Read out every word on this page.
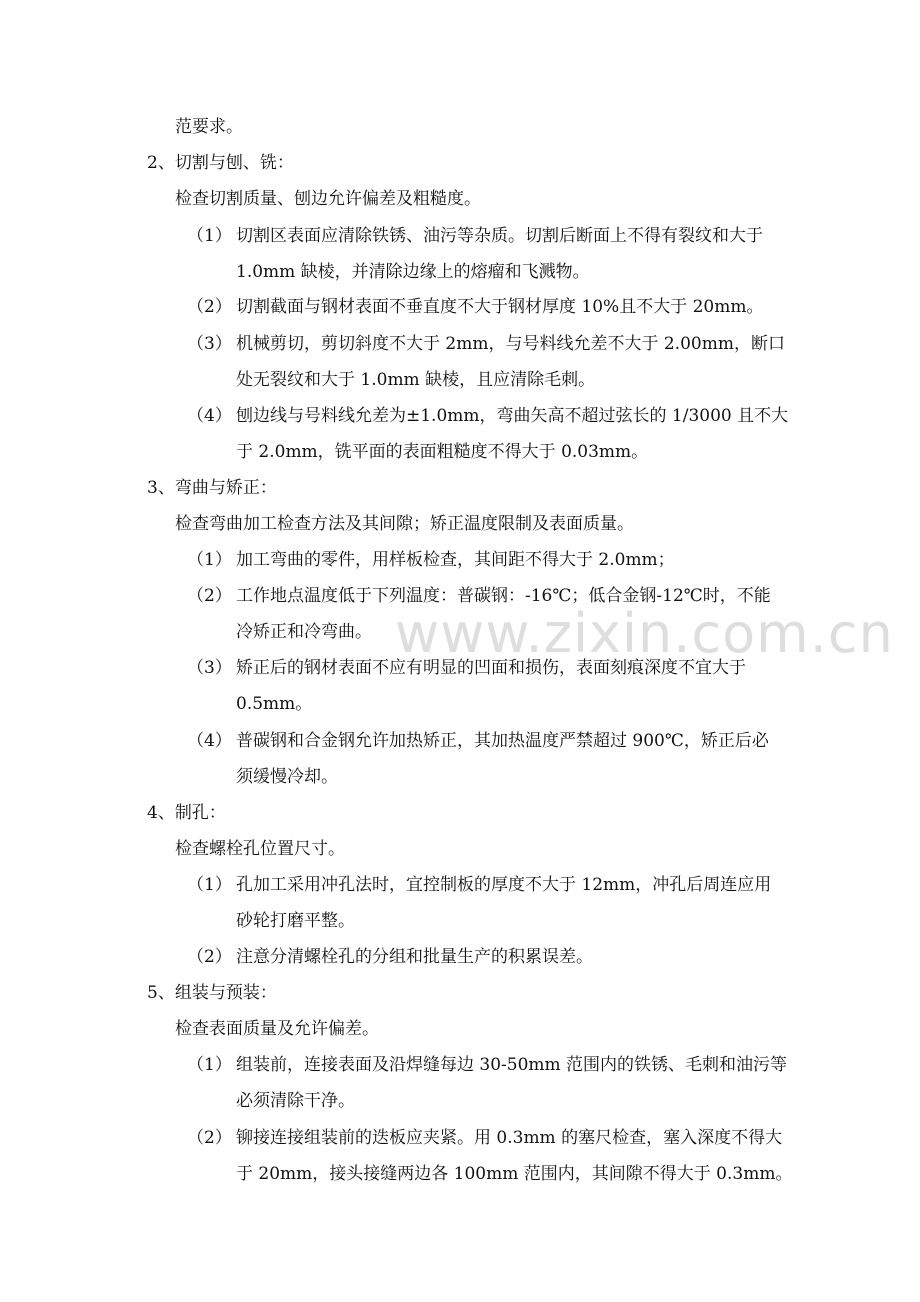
范要求。
2、切割与刨、铣：
检查切割质量、刨边允许偏差及粗糙度。
（1） 切割区表面应清除铁锈、油污等杂质。切割后断面上不得有裂纹和大于
1.0mm 缺棱，并清除边缘上的熔瘤和飞溅物。
（2） 切割截面与钢材表面不垂直度不大于钢材厚度 10%且不大于 20mm。
（3） 机械剪切，剪切斜度不大于 2mm，与号料线允差不大于 2.00mm，断口
处无裂纹和大于 1.0mm 缺棱，且应清除毛刺。
（4） 刨边线与号料线允差为±1.0mm，弯曲矢高不超过弦长的 1/3000 且不大
于 2.0mm，铣平面的表面粗糙度不得大于 0.03mm。
3、弯曲与矫正：
检查弯曲加工检查方法及其间隙；矫正温度限制及表面质量。
（1） 加工弯曲的零件，用样板检查，其间距不得大于 2.0mm；
（2） 工作地点温度低于下列温度：普碳钢：-16℃；低合金钢-12℃时，不能
冷矫正和冷弯曲。
（3） 矫正后的钢材表面不应有明显的凹面和损伤，表面刻痕深度不宜大于
0.5mm。
（4） 普碳钢和合金钢允许加热矫正，其加热温度严禁超过 900℃，矫正后必
须缓慢冷却。
4、制孔：
检查螺栓孔位置尺寸。
（1） 孔加工采用冲孔法时，宜控制板的厚度不大于 12mm，冲孔后周连应用
砂轮打磨平整。
（2） 注意分清螺栓孔的分组和批量生产的积累误差。
5、组装与预装：
检查表面质量及允许偏差。
（1） 组装前，连接表面及沿焊缝每边 30-50mm 范围内的铁锈、毛刺和油污等
必须清除干净。
（2） 铆接连接组装前的迭板应夹紧。用 0.3mm 的塞尺检查，塞入深度不得大
于 20mm，接头接缝两边各 100mm 范围内，其间隙不得大于 0.3mm。
www.zixin.com.cn
